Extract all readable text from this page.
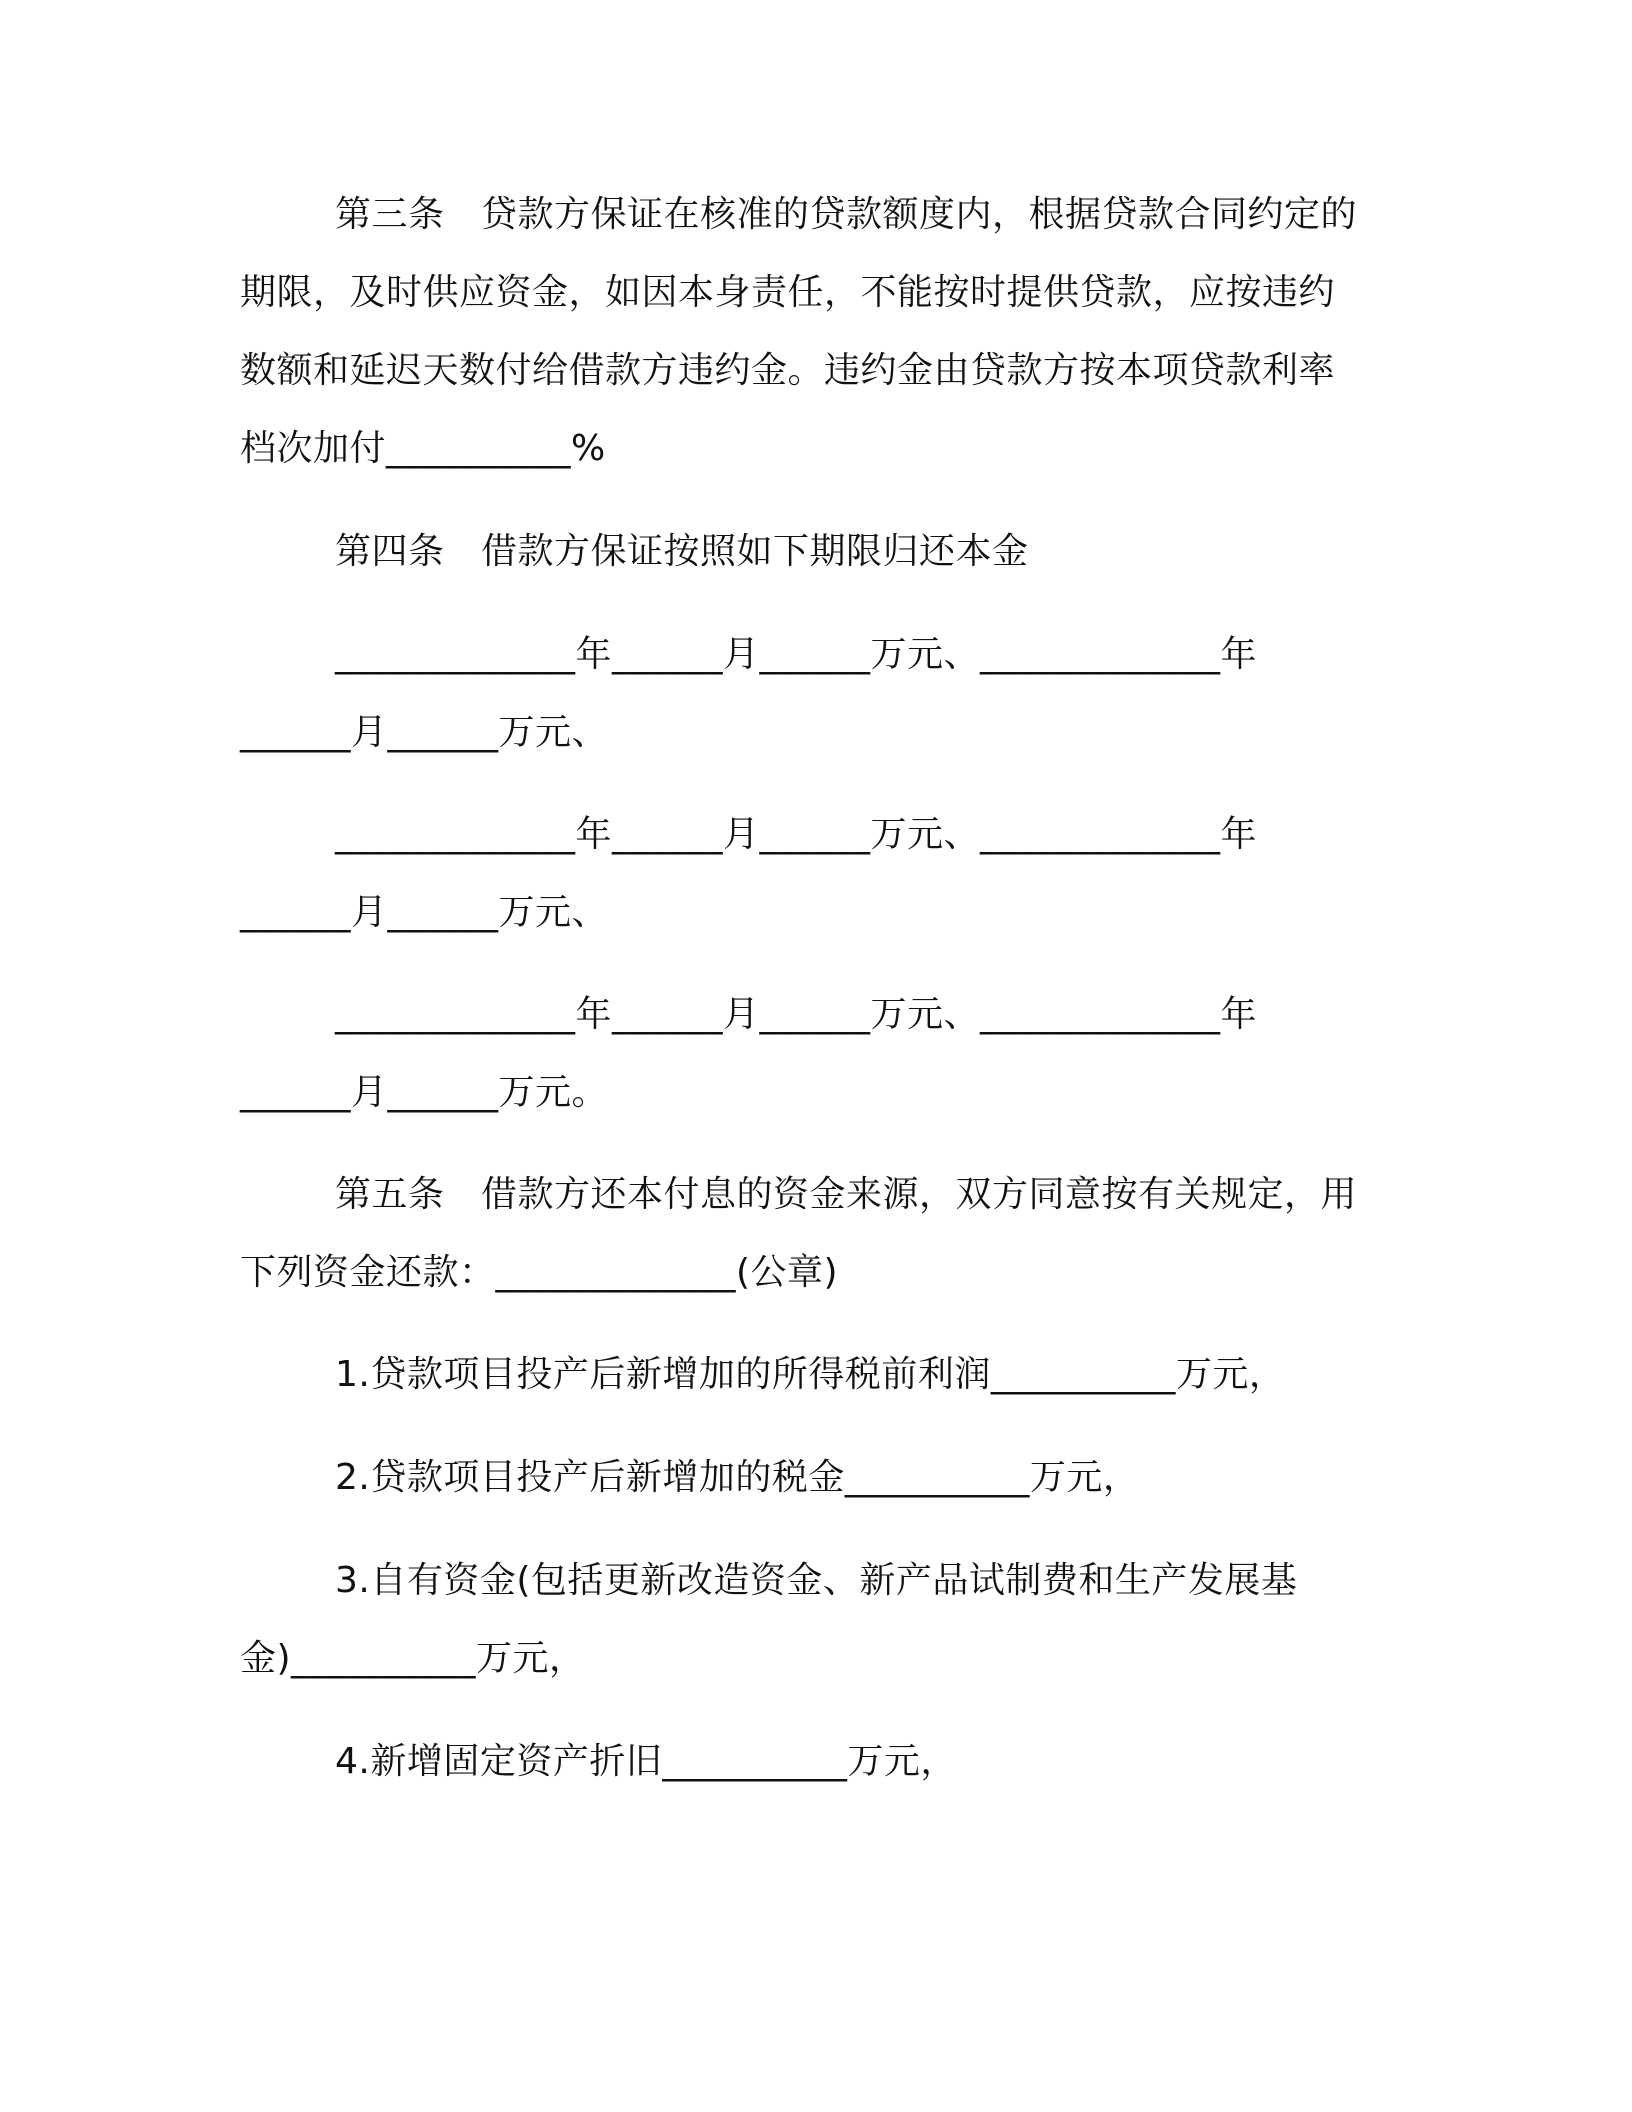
第三条　贷款方保证在核准的贷款额度内，根据贷款合同约定的
期限，及时供应资金，如因本身责任，不能按时提供贷款，应按违约
数额和延迟天数付给借款方违约金。违约金由贷款方按本项贷款利率
档次加付__________%
第四条　借款方保证按照如下期限归还本金
_____________年______月______万元、_____________年
______月______万元、
_____________年______月______万元、_____________年
______月______万元、
_____________年______月______万元、_____________年
______月______万元。
第五条　借款方还本付息的资金来源，双方同意按有关规定，用
下列资金还款：_____________(公章)
1.贷款项目投产后新增加的所得税前利润__________万元，
2.贷款项目投产后新增加的税金__________万元，
3.自有资金(包括更新改造资金、新产品试制费和生产发展基
金)__________万元，
4.新增固定资产折旧__________万元，
